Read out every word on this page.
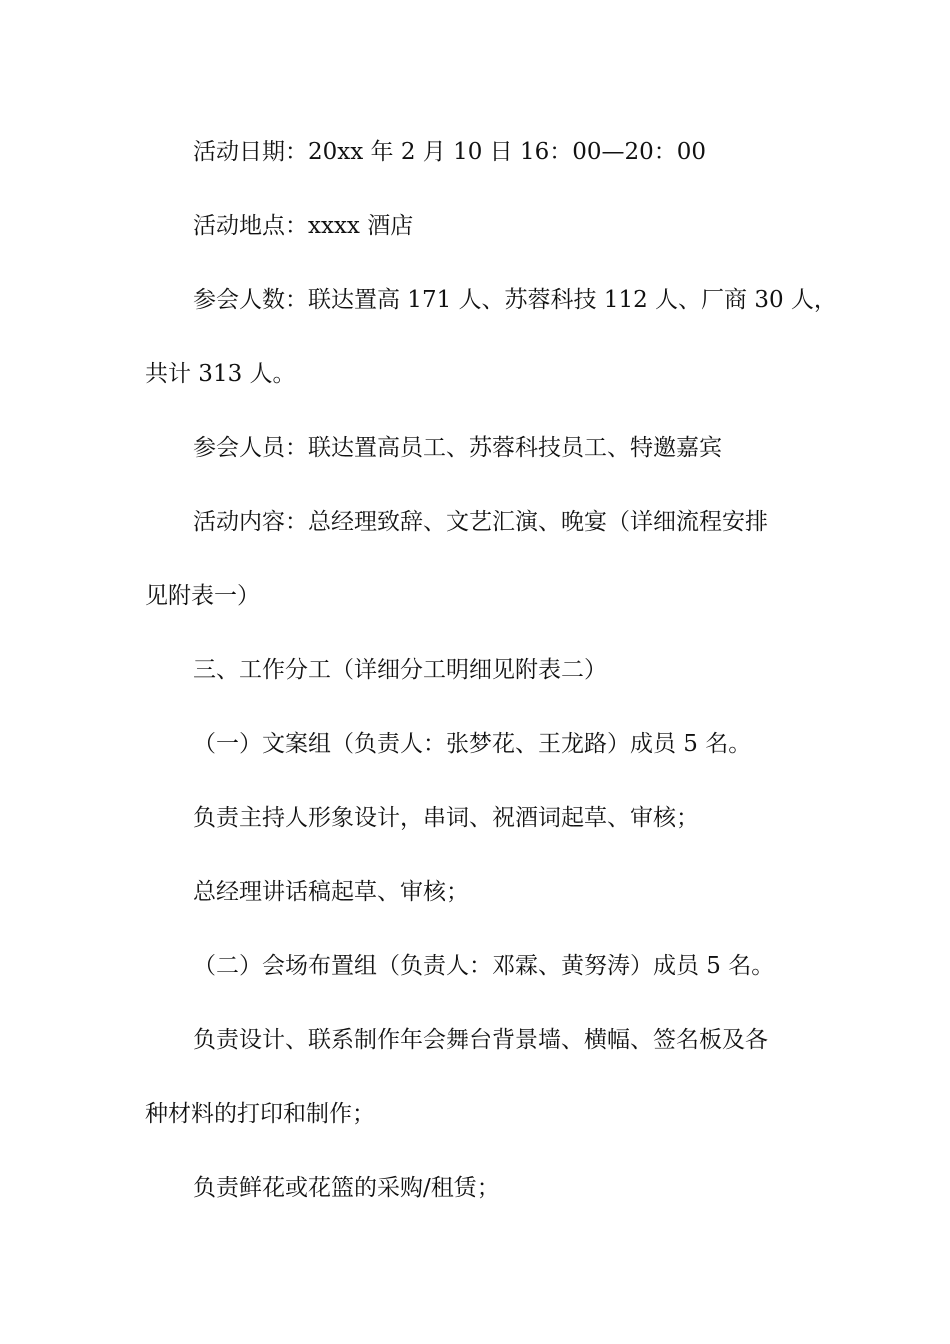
活动日期：20xx 年 2 月 10 日 16：00—20：00

活动地点：xxxx 酒店

参会人数：联达置高 171 人、苏蓉科技 112 人、厂商 30 人，

共计 313 人。

参会人员：联达置高员工、苏蓉科技员工、特邀嘉宾

活动内容：总经理致辞、文艺汇演、晚宴（详细流程安排

见附表一）

三、工作分工（详细分工明细见附表二）

（一）文案组（负责人：张梦花、王龙路）成员 5 名。

负责主持人形象设计，串词、祝酒词起草、审核；

总经理讲话稿起草、审核；

（二）会场布置组（负责人：邓霖、黄努涛）成员 5 名。

负责设计、联系制作年会舞台背景墙、横幅、签名板及各

种材料的打印和制作；

负责鲜花或花篮的采购/租赁；
